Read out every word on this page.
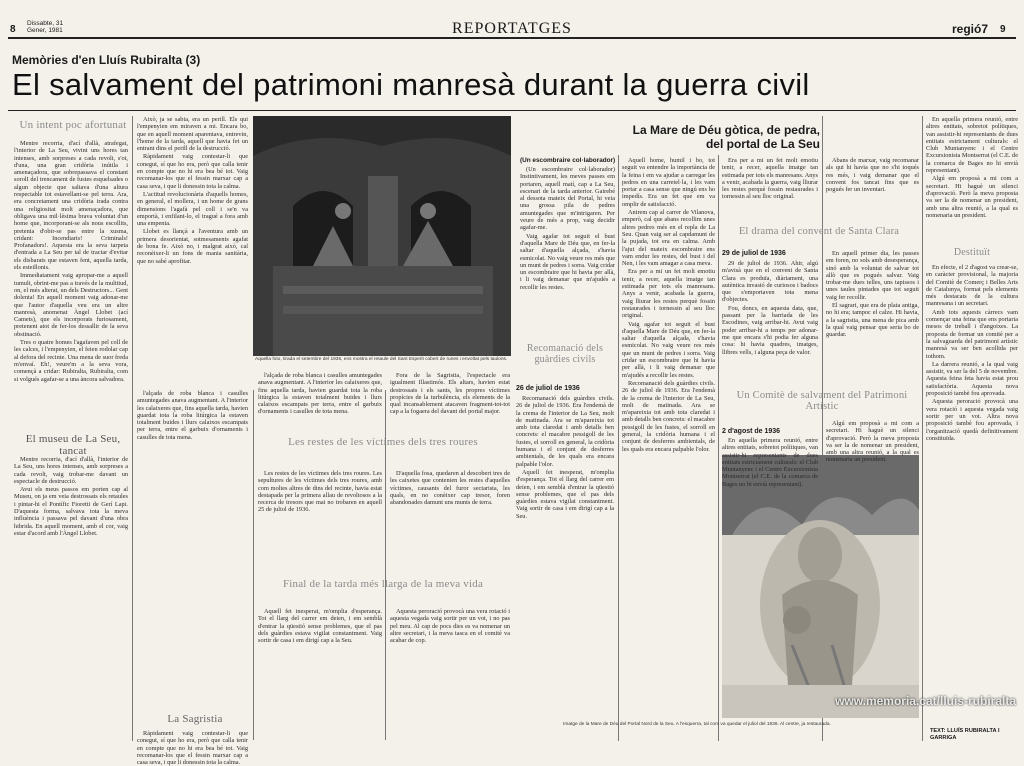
8
Dissabte, 31
Gener, 1981	REPORTATGES	regió7 9
Memòries d'en Lluís Rubiralta (3)
El salvament del patrimoni manresà durant la guerra civil
Un intent poc afortunat

Mentre recorria, d'ací d'allà, atrafegat, l'interior de La Seu, vivint uns hores tan intenses, amb sorpreses a cada revolt, s'ot, d'una, una gran cridòria inútila i amenaçadora, que sobrepassava el constant sorolI del trencament de fustes esquelsades o algun objecte que saltava d'una altura respectable tot estavellant-se pel terra. Ara, era concretament una cridòria irada contra una religiositat molt amenaçadora, que obligava una mil·lèsima brava voluntat d'un home que, incorporant-se als nous escollits, pretenia d'obir-se pas entre la xusma, cridant: Incendiaris! Criminals! Profanadors!. Aquesta era la seva tarpeta d'entrada a La Seu per tal de tractar d'evitar els disbarats que estaven fent, aquella tarda, els esteillonis.

Immediatament vaig apropar-me a aquell tumult, obrint-me pas a través de la multitud, on, el més alterat, un dels Destructors... Gent dolenta! En aquell moment vaig adonar-me que l'autor d'aquella veu era un altre manresà, anomenat Àngel Llobet (ací Camets), que els incorporats furiosament, pretenent atot de fer-los dessallir de la seva obstinació.

Tres o quatre homes l'agafaven pel coll de les calces, i l'empenyien, el feien rodolar cap al defora del recinte. Una mena de suor freda m'envaí. Eh!, veure'm a la seva vora, començà a cridar: Rubiralta, Rubiralta, com si volgués agafar-se a una àncora salvadora.

El museu de La Seu, tancat

Mentre recorria, d'ací d'allà, l'interior de La Seu, uns hores intenses, amb sorpreses a cada revolt, vaig trobar-me davant un espectacle de destrucció.

Avui els meus passos em porten cap al Museu, on ja em veia destrossats els retaules i pintar-hi el Pontífic Fioretti de Gerí Lapi. D'aquesta forma, salvava tota la meva influència i passava pel davant d'una obra hibrida. En aquell moment, amb el cor, vaig estar d'acord amb l'Àngel Llobet.

Això, ja se sabia, era un perill. Els qui l'empenyien em miraven a mi. Encara bo, que en aquell moment aparentava, entrevin, l'home de la tarda, aquell que havia fet un entrant dins el perill de la destrucció.

Ràpidament vaig contestar-li que conegut, sí que ho era, però que calla tenir en compte que no hi era bea bé tot. Vaig recomanar-los que el fessin marxar cap a casa seva, i que li donessin tota la calma.

L'actitud revolucionària d'aquells homes, en general, el mollera, i un home de grans dimensions l'agafà pel coll i se'n va emportà, i enfilant-lo, el tragué a fora amb una empenta.

Llobet es llançà a l'aventura amb un primera desorientat, sotmesaments agafat de bona fe. Això no, i malgrat això, cal reconèixer-li un fons de mania sanitària, que no sabé aprofitar.

Aquella foto, tirada el setembre del 1936, ens mostra el retaule del Sant Esperit cobert de runes i envoltat pels taulons.

l'alçada de roba blanca i casulles amuntegades anava augmentant. A l'interior les calaixeres que, fins aquella tarda, havien guardat tota la roba litúrgica la estaven totalment buides i llurs calaixos escampats per terra, entre el garbuix d'ornaments i casulles de tota mena.

l'alçada de roba blanca i casulles amuntegades anava augmentant. A l'interior les calaixeres que, fins aquella tarda, havien guardat tota la roba litúrgica la estaven totalment buides i llurs calaixos escampats per terra, entre el garbuix d'ornaments i casulles de tota mena.

Fora de la Sagristia, l'espectacle era igualment Illastimós. Els altars, havien estat destrossats i els sants, les propres víctimes propícies de la turbulència, els elements de la qual incansablement atacaven fragment-tot-tot cap a la fogaera del davant del portal major.

Les restes de les víctimes dels tres roures

Les restes de les víctimes dels tres roures. Les sepultures de les víctimes dels tres roures, amb com moltes altres de dins del recinte, havia estat destapada per la primera allau de revoltosos a la recerca de tresors que mai no trobaren en aquell 25 de juliol de 1936.

D'aquella fosa, quedaren al descobert tres de les caixetes que contenien les restes d'aquelles víctimes, causants del furor sectarista, les quals, en no conèixer cap tresor, foren abandonades damunt uns munts de terra.

Final de la tarda més llarga de la meva vida

Aquell fet inesperat, m'omplia d'esperança. Tot el llarg del carrer em deien, i em semblà d'entrar la qüestió sense problemes, que el pas dels guàrdies estava vigilat constantment. Vaig sortir de casa i em dirigí cap a la Seu.

Aquesta peroració provocà una vera rotació i aquesta vegada vaig sortir per un vot, i no pas pel meu. Al cap de pocs dies es va nomenar un altre secretari, i la meva tasca en el comitè va acabar de cop.

La Sagristia

Ràpidament vaig contestar-li que conegut, sí que ho era, però que calla tenir en compte que no hi era bea bé tot. Vaig recomanar-los que el fessin marxar cap a casa seva, i que li donessin tota la calma.

Recomanació dels guàrdies civils
26 de juliol de 1936

Recomanació dels guàrdies civils. 26 de juliol de 1936. Era l'endemà de la crema de l'interior de La Seu, molt de matinada. Ara se m'apareixia tot amb tota claredat i amb detalls ben concrets: el macabre pessigoll de les fustes, el sorroll en general, la cridòria humana i el conjunt de desferres ambientals, de les quals era encara palpable l'olor.

Aquell fet inesperat, m'omplia d'esperança. Tot el llarg del carrer em deien, i em semblà d'entrar la qüestió sense problemes, que el pas dels guàrdies estava vigilat constantment. Vaig sortir de casa i em dirigí cap a la Seu.

La Mare de Déu gòtica, de pedra,
del portal de La Seu
(Un escombraire col·laborador)

(Un escombraire col·laborador) Instintivament, les meves passes em portaren, aquell matí, cap a La Seu, escenari de la tarda anterior. Gairebé al dessota mateix del Portal, hi veia una grossa pila de pedres amuntegades que m'intrigaren. Per veure de més a prop, vaig decidir agafar-me.

Vaig agafar tot seguit el bust d'aquella Mare de Déu que, en fer-la saltar d'aquella alçada, s'havia esmicolat. No vaig veure res més que un munt de pedres i sorra. Vaig cridar un escombraire que hi havia per allà, i li vaig demanar que m'ajudés a recollir les restes.

Aquell home, humil i bo, tot seguit va entendre la importància de la feina i em va ajudar a carregar les pedres en una carretel·la, i les vam portar a casa sense que ningú ens ho impedís. Era un fet que em va omplir de satisfacció.

Anirem cap al carrer de Vilanova, emperò, cal que abans recollim unes altres pedres més en el repla de La Seu. Quan vaig ser al capdamunt de la pujada, tot era en calma. Amb l'ajut del mateix escombraire ens vam endur les restes, del bust i del Nen, i les vam amagar a casa meva.

Era per a mi un fet molt emotiu tenir, a recer, aquella imatge tan estimada per tots els manresans. Anys a venir, acabada la guerra, vaig lliurar les restes perquè fossin restaurades i tornessin al seu lloc original.

Vaig agafar tot seguit el bust d'aquella Mare de Déu que, en fer-la saltar d'aquella alçada, s'havia esmicolat. No vaig veure res més que un munt de pedres i sorra. Vaig cridar un escombraire que hi havia per allà, i li vaig demanar que m'ajudés a recollir les restes.

Recomanació dels guàrdies civils. 26 de juliol de 1936. Era l'endemà de la crema de l'interior de La Seu, molt de matinada. Ara se m'apareixia tot amb tota claredat i amb detalls ben concrets: el macabre pessigoll de les fustes, el sorroll en general, la cridòria humana i el conjunt de desferres ambientals, de les quals era encara palpable l'olor.

Imatge de la Mare de Déu del Portal Nord de la Seu. A l'esquerra, tal com va quedar el juliol del 1936. Al centre, ja restaurada.
El drama del convent de Santa Clara
29 de juliol de 1936

29 de juliol de 1936. Ahir, algú m'avisà que en el convent de Santa Clara es produïa, diàriament, una autèntica invasió de curiosos i badocs que s'emportaven tota mena d'objectes.

Fou, doncs, en aquesta data, que, passant per la barriada de les Escodines, vaig arribar-hi. Avui vaig poder arribar-hi a temps per adonar-me que encara s'hi podia fer alguna cosa: hi havia quadres, imatges, llibres vells, i alguna peça de valor.

Era per a mi un fet molt emotiu tenir, a recer, aquella imatge tan estimada per tots els manresans. Anys a venir, acabada la guerra, vaig lliurar les restes perquè fossin restaurades i tornessin al seu lloc original.

Abans de marxar, vaig recomanar als qui hi havia que no s'hi toqués res més, i vaig demanar que el convent fos tancat fins que es pogués fer un inventari.

En aquell primer dia, les passes em foren, no sols amb desesperança, sinó amb la voluntat de salvar tot allò que es pogués salvar. Vaig trobar-me dues telles, uns tapissos i unes taules pintades que tot seguit vaig fer recollir.

El sagrari, que era de plata antiga, no hi era; tampoc el calze. Hi havia, a la sagristia, una mena de pica amb la qual vaig pensar que seria bo de guardar.

Un Comitè de salvament del Patrimoni Artístic
2 d'agost de 1936

En aquella primera reunió, entre altres entitats, sobretot polítiques, van assistir-hi representants de dues entitats estrictament culturals: el Club Muntanyenc i el Centre Excursionista Montserrat (el C.E. de la comarca de Bages no hi envià representant).

Algú em proposà a mi com a secretari. Hi haguè un silenci d'aprovació. Però la meva proposta va ser la de nomenar un president, amb una altra reunió, a la qual es nomenaria un president.

En aquella primera reunió, entre altres entitats, sobretot polítiques, van assistir-hi representants de dues entitats estrictament culturals: el Club Muntanyenc i el Centre Excursionista Montserrat (el C.E. de la comarca de Bages no hi envià representant).

Algú em proposà a mi com a secretari. Hi haguè un silenci d'aprovació. Però la meva proposta va ser la de nomenar un president, amb una altra reunió, a la qual es nomenaria un president.

Destituït

En efecte, el 2 d'agost va crear-se, en caràcter provisional, la majoria del Comitè de Comerç i Belles Arts de Catalunya, format pels elements més destacats de la cultura manresana i un secretari.

Amb tots aquests càrrecs vam començar una feina que ens portaria mesos de treball i d'angoixes. La proposta de formar un comitè per a la salvaguarda del patrimoni artístic manresà va ser ben acollida per tothom.

La darrera reunió, a la qual vaig assistir, va ser la del 5 de novembre. Aquesta feina feta havia estat prou satisfactòria. Aquesta nova proposició tambè fou aprovada.

Aquesta peroració provocà una vera rotació i aquesta vegada vaig sortir per un vot. Altra nova proposició tambè fou aprovada, i l'organització quedà definitivament constituïda.

TEXT: LLUÍS RUBIRALTA I GARRIGA
www.memoria.cat/lluis-rubiralta
